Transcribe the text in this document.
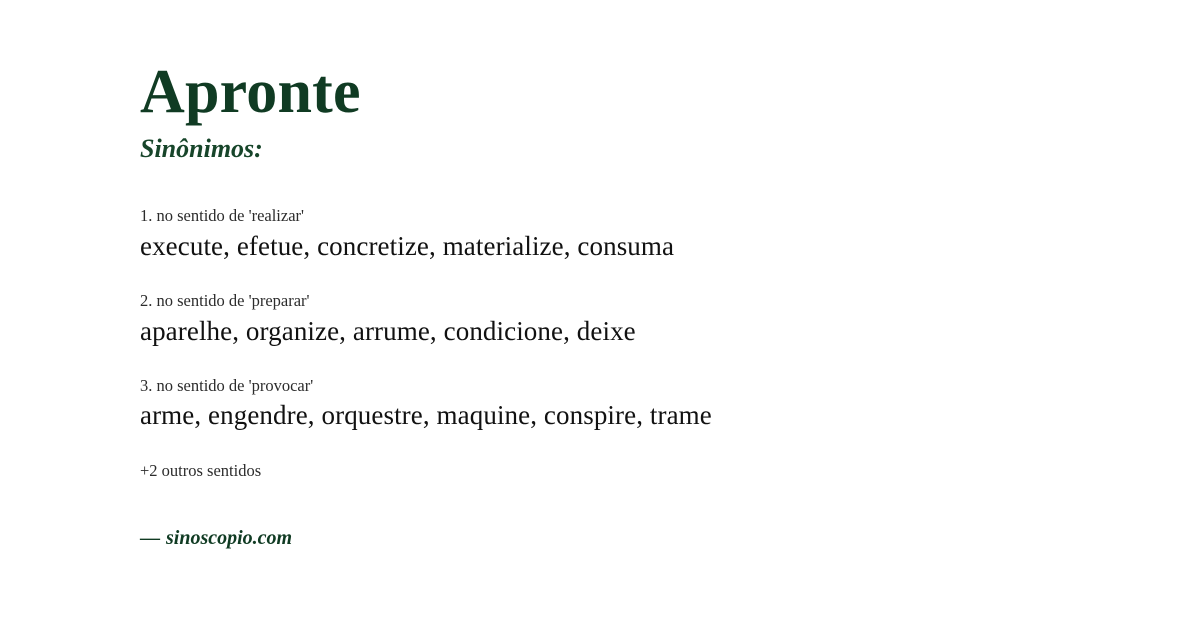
Apronte
Sinônimos:
1. no sentido de 'realizar'
execute, efetue, concretize, materialize, consuma
2. no sentido de 'preparar'
aparelhe, organize, arrume, condicione, deixe
3. no sentido de 'provocar'
arme, engendre, orquestre, maquine, conspire, trame
+2 outros sentidos
— sinoscopio.com
